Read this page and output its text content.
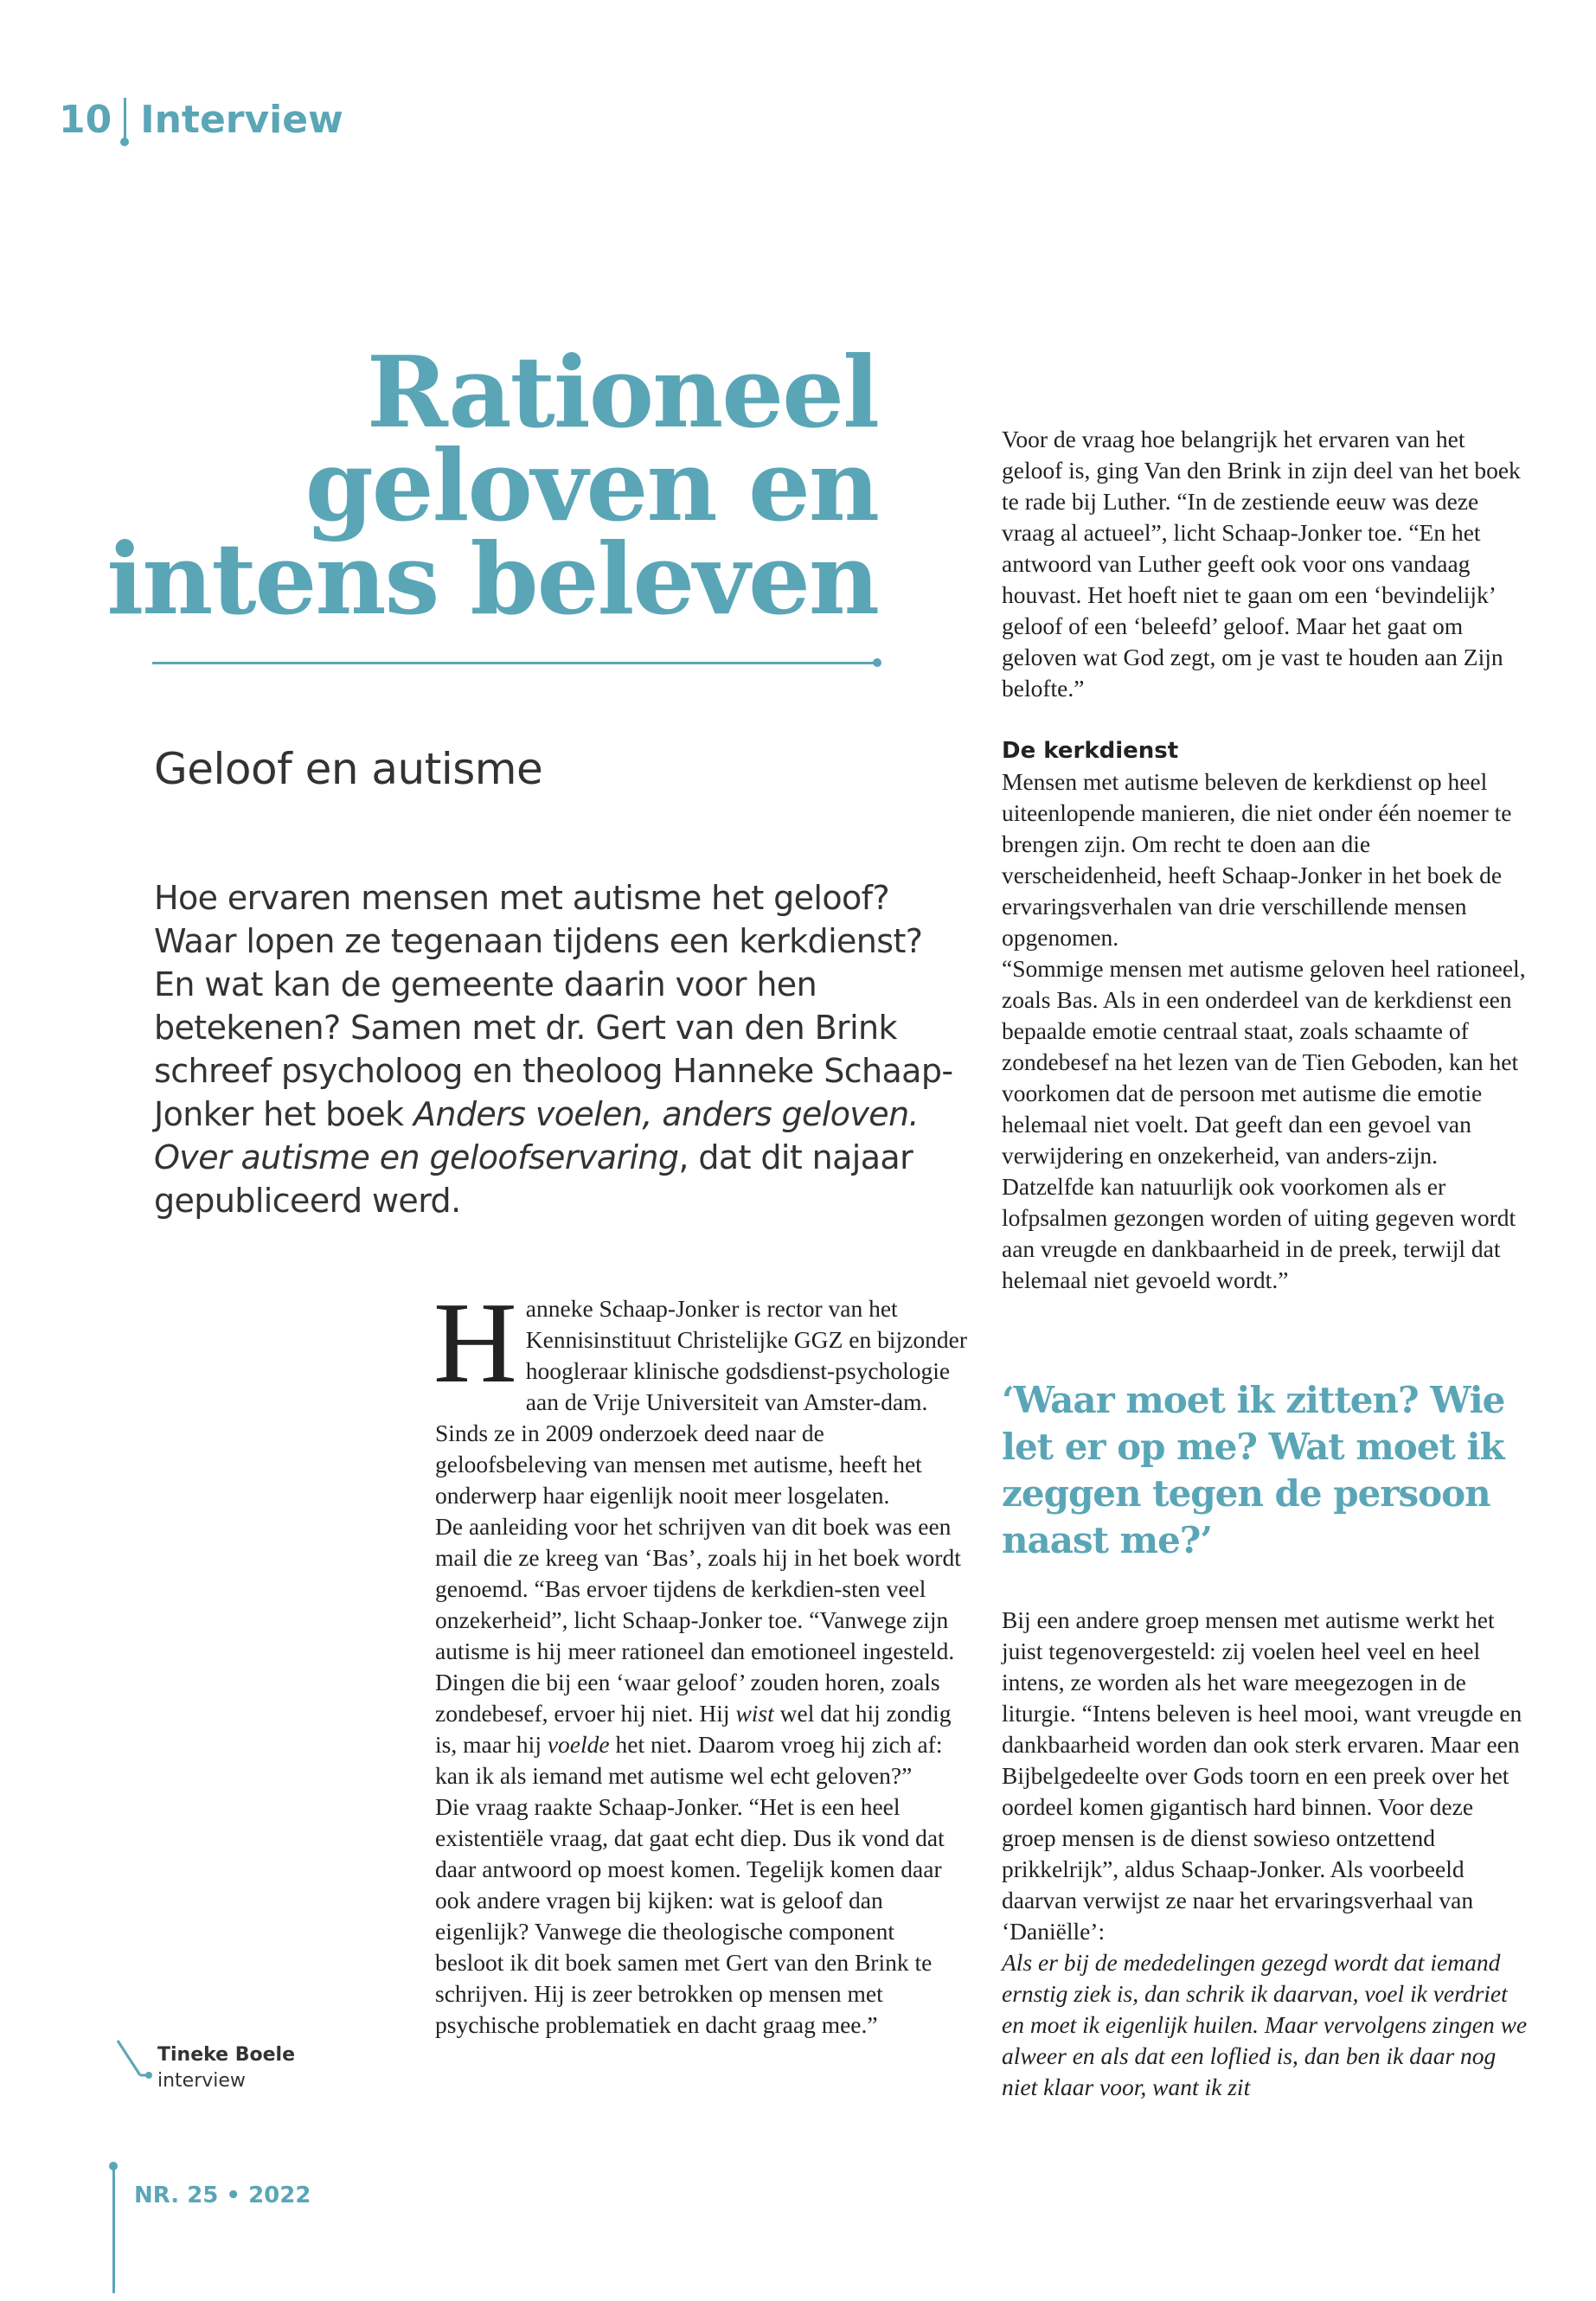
10 Interview
Rationeel
geloven en
intens beleven
Geloof en autisme

Hoe ervaren mensen met autisme het geloof? Waar lopen ze tegenaan tijdens een kerkdienst? En wat kan de gemeente daarin voor hen betekenen? Samen met dr. Gert van den Brink schreef psycholoog en theoloog Hanneke Schaap-Jonker het boek Anders voelen, anders geloven. Over autisme en geloofservaring, dat dit najaar gepubliceerd werd.

Hanneke Schaap-Jonker is rector van het Kennisinstituut Christelijke GGZ en bijzonder hoogleraar klinische godsdienst-psychologie aan de Vrije Universiteit van Amster-dam. Sinds ze in 2009 onderzoek deed naar de geloofsbeleving van mensen met autisme, heeft het onderwerp haar eigenlijk nooit meer losgelaten.

De aanleiding voor het schrijven van dit boek was een mail die ze kreeg van ‘Bas’, zoals hij in het boek wordt genoemd. “Bas ervoer tijdens de kerkdien-sten veel onzekerheid”, licht Schaap-Jonker toe. “Vanwege zijn autisme is hij meer rationeel dan emotioneel ingesteld. Dingen die bij een ‘waar geloof’ zouden horen, zoals zondebesef, ervoer hij niet. Hij wist wel dat hij zondig is, maar hij voelde het niet. Daarom vroeg hij zich af: kan ik als iemand met autisme wel echt geloven?”

Die vraag raakte Schaap-Jonker. “Het is een heel existentiële vraag, dat gaat echt diep. Dus ik vond dat daar antwoord op moest komen. Tegelijk komen daar ook andere vragen bij kijken: wat is geloof dan eigenlijk? Vanwege die theologische component besloot ik dit boek samen met Gert van den Brink te schrijven. Hij is zeer betrokken op mensen met psychische problematiek en dacht graag mee.”

Voor de vraag hoe belangrijk het ervaren van het geloof is, ging Van den Brink in zijn deel van het boek te rade bij Luther. “In de zestiende eeuw was deze vraag al actueel”, licht Schaap-Jonker toe. “En het antwoord van Luther geeft ook voor ons vandaag houvast. Het hoeft niet te gaan om een ‘bevindelijk’ geloof of een ‘beleefd’ geloof. Maar het gaat om geloven wat God zegt, om je vast te houden aan Zijn belofte.”

De kerkdienst

Mensen met autisme beleven de kerkdienst op heel uiteenlopende manieren, die niet onder één noemer te brengen zijn. Om recht te doen aan die verscheidenheid, heeft Schaap-Jonker in het boek de ervaringsverhalen van drie verschillende mensen opgenomen.

“Sommige mensen met autisme geloven heel rationeel, zoals Bas. Als in een onderdeel van de kerkdienst een bepaalde emotie centraal staat, zoals schaamte of zondebesef na het lezen van de Tien Geboden, kan het voorkomen dat de persoon met autisme die emotie helemaal niet voelt. Dat geeft dan een gevoel van verwijdering en onzekerheid, van anders-zijn. Datzelfde kan natuurlijk ook voorkomen als er lofpsalmen gezongen worden of uiting gegeven wordt aan vreugde en dankbaarheid in de preek, terwijl dat helemaal niet gevoeld wordt.”

‘Waar moet ik zitten? Wie let er op me? Wat moet ik zeggen tegen de persoon naast me?’

Bij een andere groep mensen met autisme werkt het juist tegenovergesteld: zij voelen heel veel en heel intens, ze worden als het ware meegezogen in de liturgie. “Intens beleven is heel mooi, want vreugde en dankbaarheid worden dan ook sterk ervaren. Maar een Bijbelgedeelte over Gods toorn en een preek over het oordeel komen gigantisch hard binnen. Voor deze groep mensen is de dienst sowieso ontzettend prikkelrijk”, aldus Schaap-Jonker. Als voorbeeld daarvan verwijst ze naar het ervaringsverhaal van ‘Daniëlle’:

Als er bij de mededelingen gezegd wordt dat iemand ernstig ziek is, dan schrik ik daarvan, voel ik verdriet en moet ik eigenlijk huilen. Maar vervolgens zingen we alweer en als dat een loflied is, dan ben ik daar nog niet klaar voor, want ik zit

Tineke Boele
interview
NR. 25 • 2022
